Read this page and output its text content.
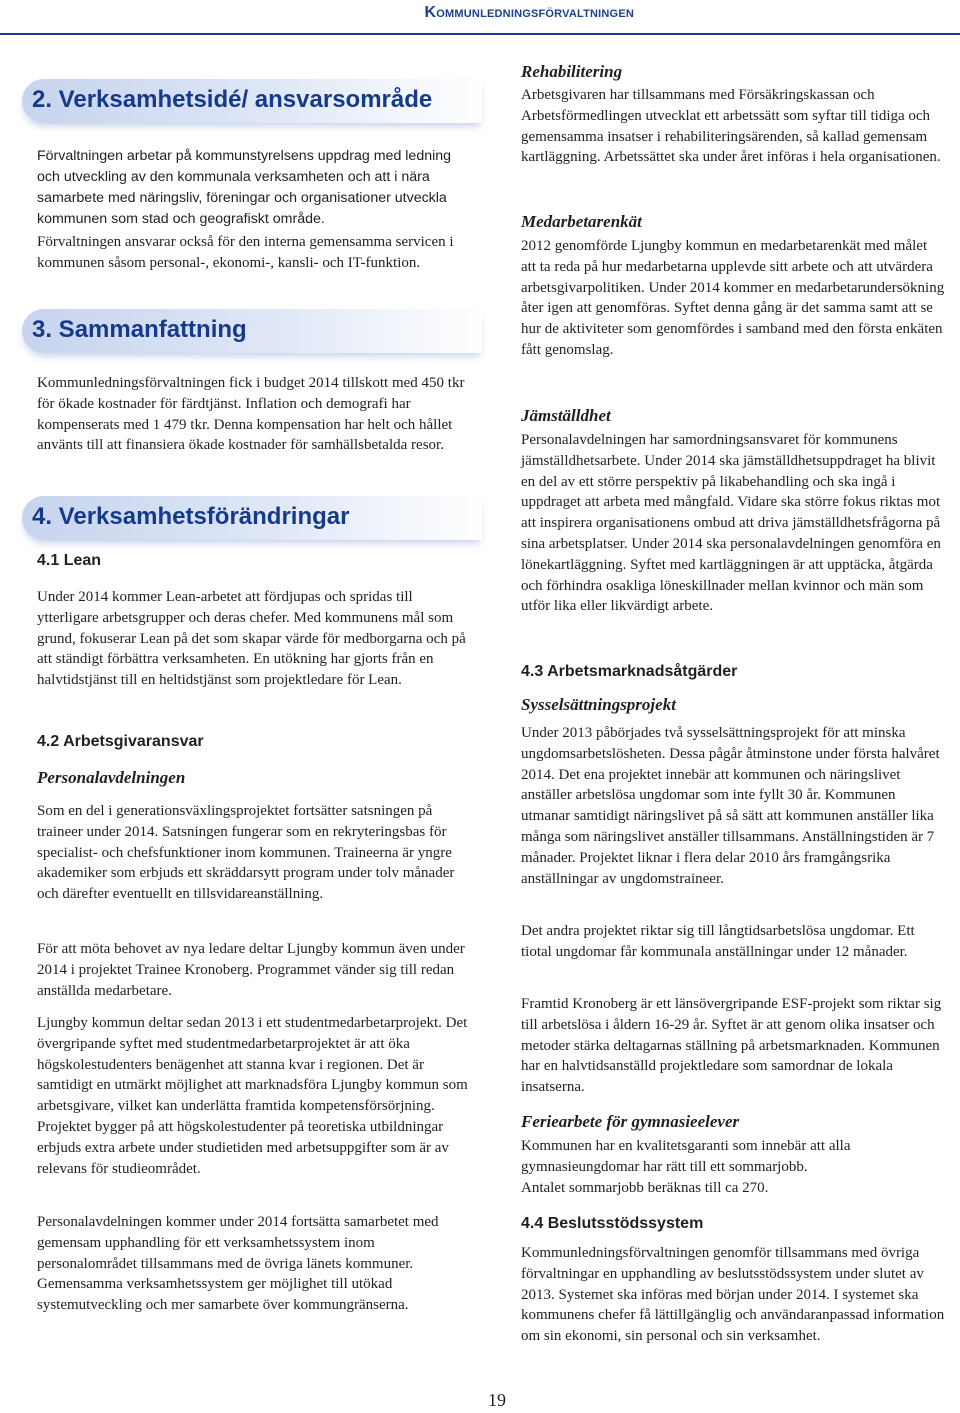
Kommunledningsförvaltningen
2. Verksamhetsidé/ ansvarsområde

Förvaltningen arbetar på kommunstyrelsens uppdrag med ledning och utveckling av den kommunala verksamheten och att i nära samarbete med näringsliv, föreningar och organisationer utveckla kommunen som stad och geografiskt område.

Förvaltningen ansvarar också för den interna gemensamma servicen i kommunen såsom personal-, ekonomi-, kansli- och IT-funktion.

3. Sammanfattning

Kommunledningsförvaltningen fick i budget 2014 tillskott med 450 tkr för ökade kostnader för färdtjänst. Inflation och demografi har kompenserats med 1 479 tkr. Denna kompensation har helt och hållet använts till att finansiera ökade kostnader för samhällsbetalda resor.

4. Verksamhetsförändringar
4.1 Lean

Under 2014 kommer Lean-arbetet att fördjupas och spridas till ytterligare arbetsgrupper och deras chefer. Med kommunens mål som grund, fokuserar Lean på det som skapar värde för medborgarna och på att ständigt förbättra verksamheten. En utökning har gjorts från en halvtidstjänst till en heltidstjänst som projektledare för Lean.

4.2 Arbetsgivaransvar
Personalavdelningen

Som en del i generationsväxlingsprojektet fortsätter satsningen på traineer under 2014. Satsningen fungerar som en rekryteringsbas för specialist- och chefsfunktioner inom kommunen. Traineerna är yngre akademiker som erbjuds ett skräddarsytt program under tolv månader och därefter eventuellt en tillsvidareanställning.

För att möta behovet av nya ledare deltar Ljungby kommun även under 2014 i projektet Trainee Kronoberg. Programmet vänder sig till redan anställda medarbetare.

Ljungby kommun deltar sedan 2013 i ett studentmedarbetarprojekt. Det övergripande syftet med studentmedarbetarprojektet är att öka högskolestudenters benägenhet att stanna kvar i regionen. Det är samtidigt en utmärkt möjlighet att marknadsföra Ljungby kommun som arbetsgivare, vilket kan underlätta framtida kompetensförsörjning. Projektet bygger på att högskolestudenter på teoretiska utbildningar erbjuds extra arbete under studietiden med arbetsuppgifter som är av relevans för studieområdet.

Personalavdelningen kommer under 2014 fortsätta samarbetet med gemensam upphandling för ett verksamhetssystem inom personalområdet tillsammans med de övriga länets kommuner. Gemensamma verksamhetssystem ger möjlighet till utökad systemutveckling och mer samarbete över kommungränserna.

Rehabilitering

Arbetsgivaren har tillsammans med Försäkringskassan och Arbetsförmedlingen utvecklat ett arbetssätt som syftar till tidiga och gemensamma insatser i rehabiliteringsärenden, så kallad gemensam kartläggning. Arbetssättet ska under året införas i hela organisationen.

Medarbetarenkät

2012 genomförde Ljungby kommun en medarbetarenkät med målet att ta reda på hur medarbetarna upplevde sitt arbete och att utvärdera arbetsgivarpolitiken. Under 2014 kommer en medarbetarundersökning åter igen att genomföras. Syftet denna gång är det samma samt att se hur de aktiviteter som genomfördes i samband med den första enkäten fått genomslag.

Jämställdhet

Personalavdelningen har samordningsansvaret för kommunens jämställdhetsarbete. Under 2014 ska jämställdhetsuppdraget ha blivit en del av ett större perspektiv på likabehandling och ska ingå i uppdraget att arbeta med mångfald. Vidare ska större fokus riktas mot att inspirera organisationens ombud att driva jämställdhetsfrågorna på sina arbetsplatser. Under 2014 ska personalavdelningen genomföra en lönekartläggning. Syftet med kartläggningen är att upptäcka, åtgärda och förhindra osakliga löneskillnader mellan kvinnor och män som utför lika eller likvärdigt arbete.

4.3 Arbetsmarknadsåtgärder
Sysselsättningsprojekt

Under 2013 påbörjades två sysselsättningsprojekt för att minska ungdomsarbetslösheten. Dessa pågår åtminstone under första halvåret 2014. Det ena projektet innebär att kommunen och näringslivet anställer arbetslösa ungdomar som inte fyllt 30 år. Kommunen utmanar samtidigt näringslivet på så sätt att kommunen anställer lika många som näringslivet anställer tillsammans. Anställningstiden är 7 månader. Projektet liknar i flera delar 2010 års framgångsrika anställningar av ungdomstraineer.

Det andra projektet riktar sig till långtidsarbetslösa ungdomar. Ett tiotal ungdomar får kommunala anställningar under 12 månader.

Framtid Kronoberg är ett länsövergripande ESF-projekt som riktar sig till arbetslösa i åldern 16-29 år. Syftet är att genom olika insatser och metoder stärka deltagarnas ställning på arbetsmarknaden. Kommunen har en halvtidsanställd projektledare som samordnar de lokala insatserna.

Feriearbete för gymnasieelever

Kommunen har en kvalitetsgaranti som innebär att alla gymnasieungdomar har rätt till ett sommarjobb.

Antalet sommarjobb beräknas till ca 270.

4.4 Beslutsstödssystem

Kommunledningsförvaltningen genomför tillsammans med övriga förvaltningar en upphandling av beslutsstödssystem under slutet av 2013. Systemet ska införas med början under 2014. I systemet ska kommunens chefer få lättillgänglig och användaranpassad information om sin ekonomi, sin personal och sin verksamhet.

19
